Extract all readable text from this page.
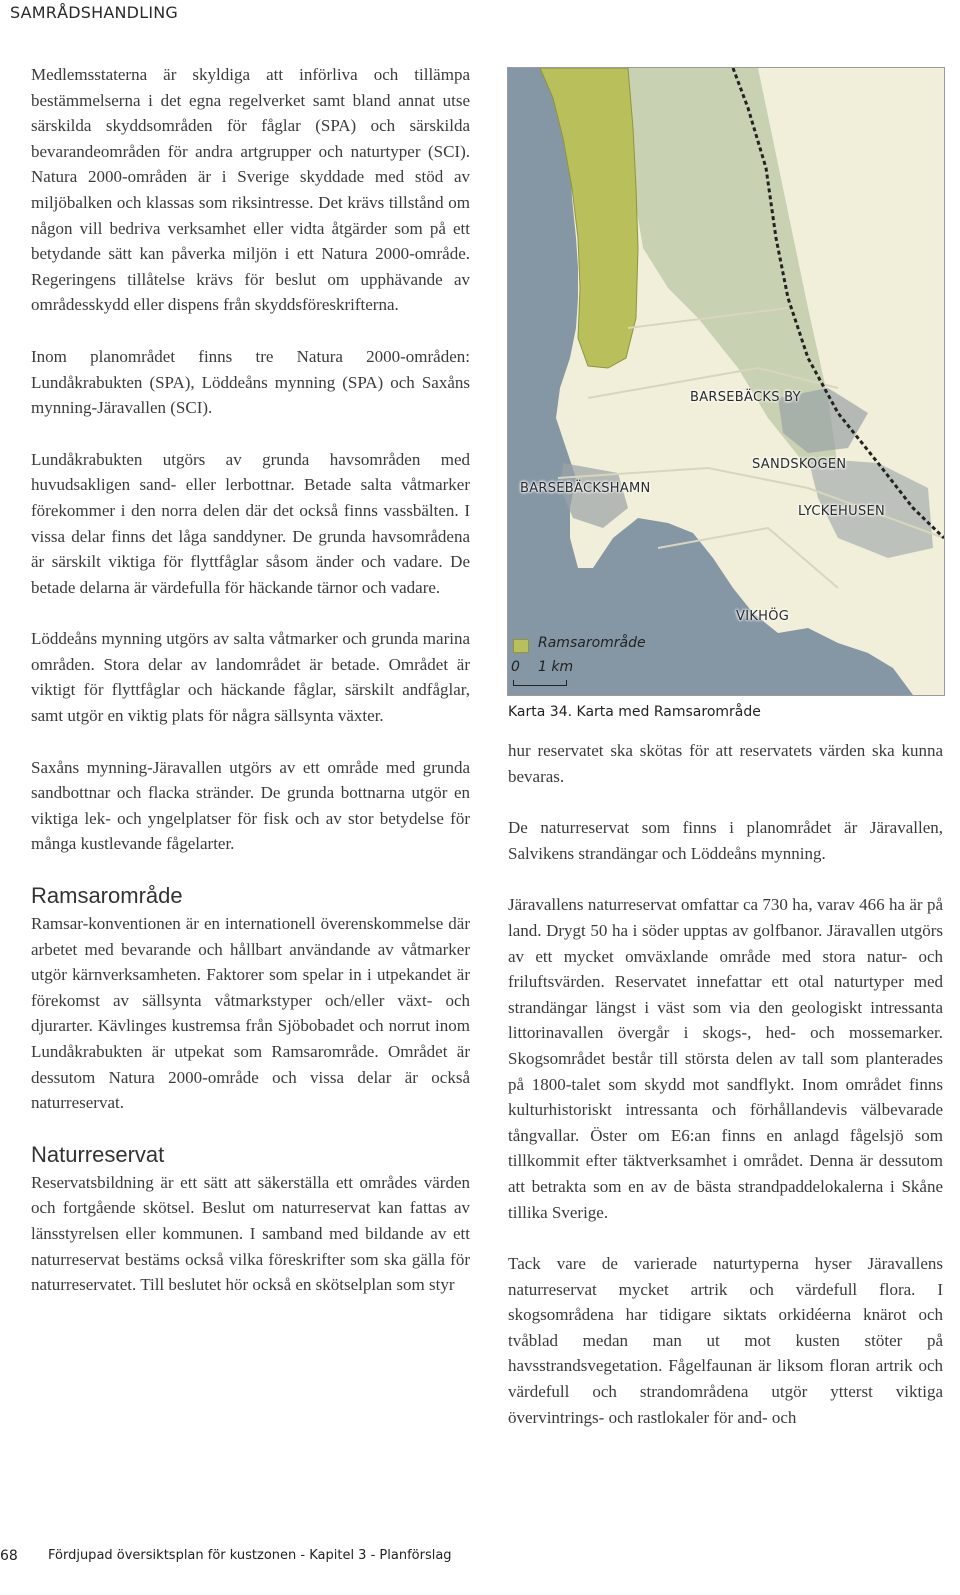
SAMRÅDSHANDLING

Medlemsstaterna är skyldiga att införliva och tillämpa bestämmelserna i det egna regelverket samt bland annat utse särskilda skyddsområden för fåglar (SPA) och särskilda bevarandeområden för andra artgrupper och naturtyper (SCI). Natura 2000-områden är i Sverige skyddade med stöd av miljöbalken och klassas som riksintresse. Det krävs tillstånd om någon vill bedriva verksamhet eller vidta åtgärder som på ett betydande sätt kan påverka miljön i ett Natura 2000-område. Regeringens tillåtelse krävs för beslut om upphävande av områdesskydd eller dispens från skyddsföreskrifterna.

Inom planområdet finns tre Natura 2000-områden: Lundåkrabukten (SPA), Löddeåns mynning (SPA) och Saxåns mynning-Järavallen (SCI).

Lundåkrabukten utgörs av grunda havsområden med huvudsakligen sand- eller lerbottnar. Betade salta våtmarker förekommer i den norra delen där det också finns vassbälten. I vissa delar finns det låga sanddyner. De grunda havsområdena är särskilt viktiga för flyttfåglar såsom änder och vadare. De betade delarna är värdefulla för häckande tärnor och vadare.

Löddeåns mynning utgörs av salta våtmarker och grunda marina områden. Stora delar av landområdet är betade. Området är viktigt för flyttfåglar och häckande fåglar, särskilt andfåglar, samt utgör en viktig plats för några sällsynta växter.

Saxåns mynning-Järavallen utgörs av ett område med grunda sandbottnar och flacka stränder. De grunda bottnarna utgör en viktiga lek- och yngelplatser för fisk och av stor betydelse för många kustlevande fågelarter.

Ramsarområde

Ramsar-konventionen är en internationell överenskommelse där arbetet med bevarande och hållbart användande av våtmarker utgör kärnverksamheten. Faktorer som spelar in i utpekandet är förekomst av sällsynta våtmarkstyper och/eller växt- och djurarter. Kävlinges kustremsa från Sjöbobadet och norrut inom Lundåkrabukten är utpekat som Ramsarområde. Området är dessutom Natura 2000-område och vissa delar är också naturreservat.

Naturreservat

Reservatsbildning är ett sätt att säkerställa ett områdes värden och fortgående skötsel. Beslut om naturreservat kan fattas av länsstyrelsen eller kommunen. I samband med bildande av ett naturreservat bestäms också vilka föreskrifter som ska gälla för naturreservatet. Till beslutet hör också en skötselplan som styr

BARSEBÄCKS BY
SANDSKOGEN
BARSEBÄCKSHAMN
LYCKEHUSEN
VIKHÖG
Ramsarområde
0 1 km
Karta 34. Karta med Ramsarområde

hur reservatet ska skötas för att reservatets värden ska kunna bevaras.

De naturreservat som finns i planområdet är Järavallen, Salvikens strandängar och Löddeåns mynning.

Järavallens naturreservat omfattar ca 730 ha, varav 466 ha är på land. Drygt 50 ha i söder upptas av golfbanor. Järavallen utgörs av ett mycket omväxlande område med stora natur- och friluftsvärden. Reservatet innefattar ett otal naturtyper med strandängar längst i väst som via den geologiskt intressanta littorinavallen övergår i skogs-, hed- och mossemarker. Skogsområdet består till största delen av tall som planterades på 1800-talet som skydd mot sandflykt. Inom området finns kulturhistoriskt intressanta och förhållandevis välbevarade tångvallar. Öster om E6:an finns en anlagd fågelsjö som tillkommit efter täktverksamhet i området. Denna är dessutom att betrakta som en av de bästa strandpaddelokalerna i Skåne tillika Sverige.

Tack vare de varierade naturtyperna hyser Järavallens naturreservat mycket artrik och värdefull flora. I skogsområdena har tidigare siktats orkidéerna knärot och tvåblad medan man ut mot kusten stöter på havsstrandsvegetation. Fågelfaunan är liksom floran artrik och värdefull och strandområdena utgör ytterst viktiga övervintrings- och rastlokaler för and- och

68 Fördjupad översiktsplan för kustzonen - Kapitel 3 - Planförslag
